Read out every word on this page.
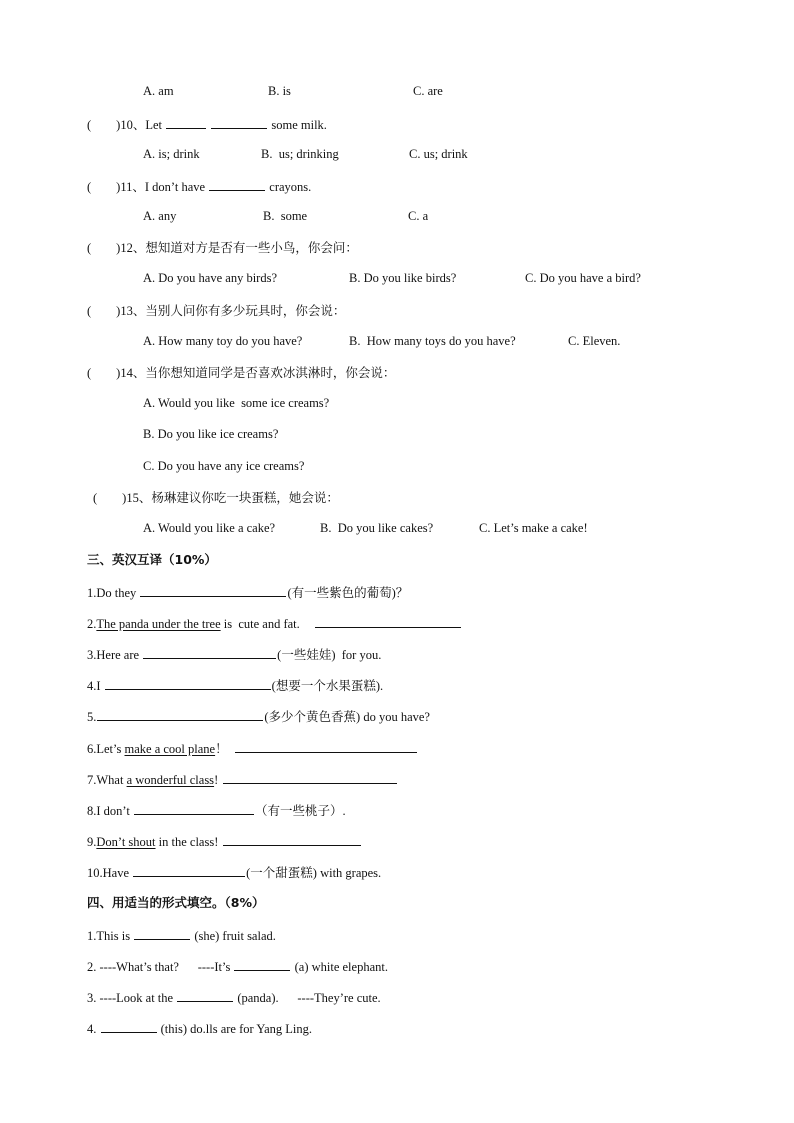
A. am	B. is	C. are
(　　)10、Let	some milk.
A. is; drink	B.  us; drinking	C. us; drink
(　　)11、I don’t have	crayons.
A. any	B.  some	C. a
(　　)12、想知道对方是否有一些小鸟，你会问：
A. Do you have any birds?	B. Do you like birds?	C. Do you have a bird?
(　　)13、当别人问你有多少玩具时，你会说：
A. How many toy do you have?	B.  How many toys do you have?	C. Eleven.
(　　)14、当你想知道同学是否喜欢冰淇淋时，你会说：
A. Would you like  some ice creams?
B. Do you like ice creams?
C. Do you have any ice creams?
(　　)15、杨琳建议你吃一块蛋糕，她会说：
A. Would you like a cake?	B.  Do you like cakes?	C. Let’s make a cake!
三、英汉互译（10%）
1.Do they	(有一些紫色的葡萄)？
2.The panda under the tree is  cute and fat.
3.Here are	(一些娃娃)  for you.
4.I	(想要一个水果蛋糕).
5.	(多少个黄色香蕉) do you have?
6.Let’s make a cool plane！
7.What a wonderful class!
8.I don’t	（有一些桃子）.
9.Don’t shout in the class!
10.Have	(一个甜蛋糕) with grapes.
四、用适当的形式填空。（8%）
1.This is	(she) fruit salad.
2. ----What’s that?      ----It’s	(a) white elephant.
3. ----Look at the	(panda).      ----They’re cute.
4.	(this) do.lls are for Yang Ling.
